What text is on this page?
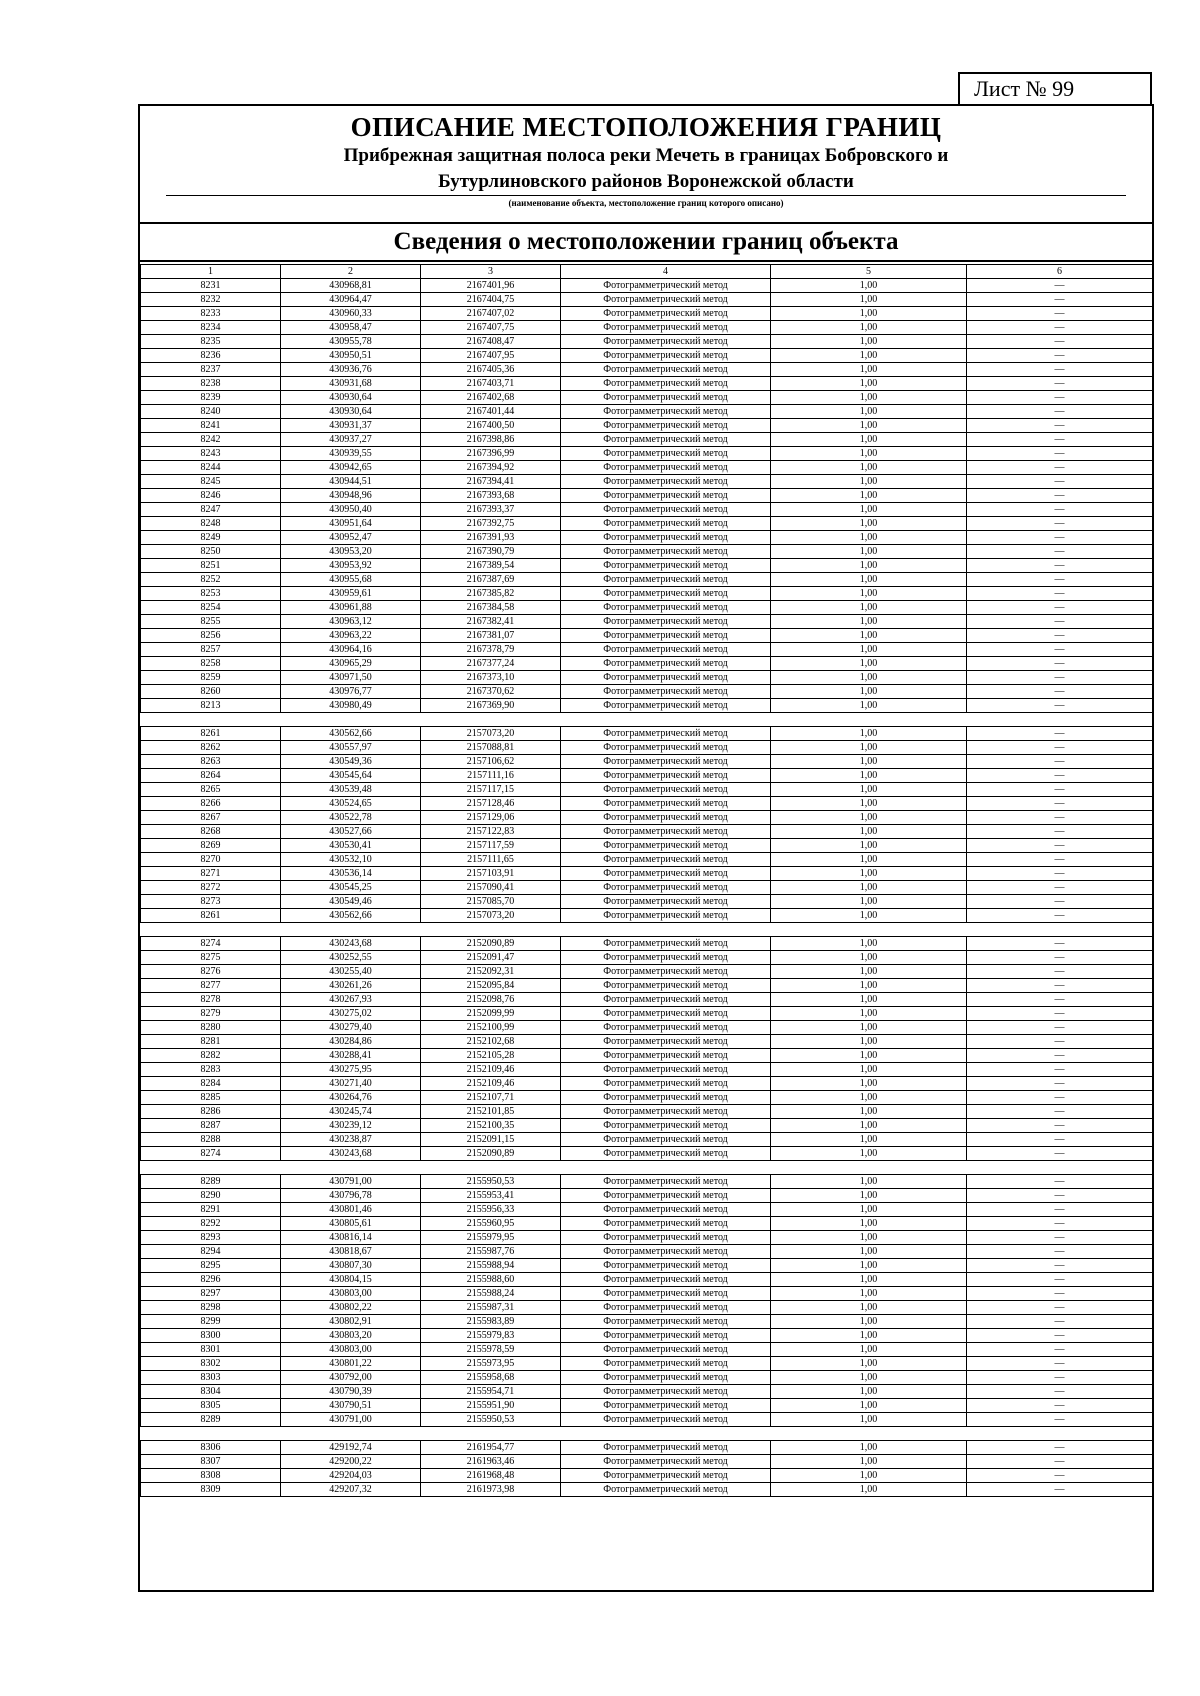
Лист № 99
ОПИСАНИЕ МЕСТОПОЛОЖЕНИЯ ГРАНИЦ
Прибрежная защитная полоса реки Мечеть в границах Бобровского и
Бутурлиновского районов Воронежской области
(наименование объекта, местоположение границ которого описано)
Сведения о местоположении границ объекта
1	2	3	4	5	6
8231	430968,81	2167401,96	Фотограмметрический метод	1,00	—
8232	430964,47	2167404,75	Фотограмметрический метод	1,00	—
8233	430960,33	2167407,02	Фотограмметрический метод	1,00	—
8234	430958,47	2167407,75	Фотограмметрический метод	1,00	—
8235	430955,78	2167408,47	Фотограмметрический метод	1,00	—
8236	430950,51	2167407,95	Фотограмметрический метод	1,00	—
8237	430936,76	2167405,36	Фотограмметрический метод	1,00	—
8238	430931,68	2167403,71	Фотограмметрический метод	1,00	—
8239	430930,64	2167402,68	Фотограмметрический метод	1,00	—
8240	430930,64	2167401,44	Фотограмметрический метод	1,00	—
8241	430931,37	2167400,50	Фотограмметрический метод	1,00	—
8242	430937,27	2167398,86	Фотограмметрический метод	1,00	—
8243	430939,55	2167396,99	Фотограмметрический метод	1,00	—
8244	430942,65	2167394,92	Фотограмметрический метод	1,00	—
8245	430944,51	2167394,41	Фотограмметрический метод	1,00	—
8246	430948,96	2167393,68	Фотограмметрический метод	1,00	—
8247	430950,40	2167393,37	Фотограмметрический метод	1,00	—
8248	430951,64	2167392,75	Фотограмметрический метод	1,00	—
8249	430952,47	2167391,93	Фотограмметрический метод	1,00	—
8250	430953,20	2167390,79	Фотограмметрический метод	1,00	—
8251	430953,92	2167389,54	Фотограмметрический метод	1,00	—
8252	430955,68	2167387,69	Фотограмметрический метод	1,00	—
8253	430959,61	2167385,82	Фотограмметрический метод	1,00	—
8254	430961,88	2167384,58	Фотограмметрический метод	1,00	—
8255	430963,12	2167382,41	Фотограмметрический метод	1,00	—
8256	430963,22	2167381,07	Фотограмметрический метод	1,00	—
8257	430964,16	2167378,79	Фотограмметрический метод	1,00	—
8258	430965,29	2167377,24	Фотограмметрический метод	1,00	—
8259	430971,50	2167373,10	Фотограмметрический метод	1,00	—
8260	430976,77	2167370,62	Фотограмметрический метод	1,00	—
8213	430980,49	2167369,90	Фотограмметрический метод	1,00	—

8261	430562,66	2157073,20	Фотограмметрический метод	1,00	—
8262	430557,97	2157088,81	Фотограмметрический метод	1,00	—
8263	430549,36	2157106,62	Фотограмметрический метод	1,00	—
8264	430545,64	2157111,16	Фотограмметрический метод	1,00	—
8265	430539,48	2157117,15	Фотограмметрический метод	1,00	—
8266	430524,65	2157128,46	Фотограмметрический метод	1,00	—
8267	430522,78	2157129,06	Фотограмметрический метод	1,00	—
8268	430527,66	2157122,83	Фотограмметрический метод	1,00	—
8269	430530,41	2157117,59	Фотограмметрический метод	1,00	—
8270	430532,10	2157111,65	Фотограмметрический метод	1,00	—
8271	430536,14	2157103,91	Фотограмметрический метод	1,00	—
8272	430545,25	2157090,41	Фотограмметрический метод	1,00	—
8273	430549,46	2157085,70	Фотограмметрический метод	1,00	—
8261	430562,66	2157073,20	Фотограмметрический метод	1,00	—

8274	430243,68	2152090,89	Фотограмметрический метод	1,00	—
8275	430252,55	2152091,47	Фотограмметрический метод	1,00	—
8276	430255,40	2152092,31	Фотограмметрический метод	1,00	—
8277	430261,26	2152095,84	Фотограмметрический метод	1,00	—
8278	430267,93	2152098,76	Фотограмметрический метод	1,00	—
8279	430275,02	2152099,99	Фотограмметрический метод	1,00	—
8280	430279,40	2152100,99	Фотограмметрический метод	1,00	—
8281	430284,86	2152102,68	Фотограмметрический метод	1,00	—
8282	430288,41	2152105,28	Фотограмметрический метод	1,00	—
8283	430275,95	2152109,46	Фотограмметрический метод	1,00	—
8284	430271,40	2152109,46	Фотограмметрический метод	1,00	—
8285	430264,76	2152107,71	Фотограмметрический метод	1,00	—
8286	430245,74	2152101,85	Фотограмметрический метод	1,00	—
8287	430239,12	2152100,35	Фотограмметрический метод	1,00	—
8288	430238,87	2152091,15	Фотограмметрический метод	1,00	—
8274	430243,68	2152090,89	Фотограмметрический метод	1,00	—

8289	430791,00	2155950,53	Фотограмметрический метод	1,00	—
8290	430796,78	2155953,41	Фотограмметрический метод	1,00	—
8291	430801,46	2155956,33	Фотограмметрический метод	1,00	—
8292	430805,61	2155960,95	Фотограмметрический метод	1,00	—
8293	430816,14	2155979,95	Фотограмметрический метод	1,00	—
8294	430818,67	2155987,76	Фотограмметрический метод	1,00	—
8295	430807,30	2155988,94	Фотограмметрический метод	1,00	—
8296	430804,15	2155988,60	Фотограмметрический метод	1,00	—
8297	430803,00	2155988,24	Фотограмметрический метод	1,00	—
8298	430802,22	2155987,31	Фотограмметрический метод	1,00	—
8299	430802,91	2155983,89	Фотограмметрический метод	1,00	—
8300	430803,20	2155979,83	Фотограмметрический метод	1,00	—
8301	430803,00	2155978,59	Фотограмметрический метод	1,00	—
8302	430801,22	2155973,95	Фотограмметрический метод	1,00	—
8303	430792,00	2155958,68	Фотограмметрический метод	1,00	—
8304	430790,39	2155954,71	Фотограмметрический метод	1,00	—
8305	430790,51	2155951,90	Фотограмметрический метод	1,00	—
8289	430791,00	2155950,53	Фотограмметрический метод	1,00	—

8306	429192,74	2161954,77	Фотограмметрический метод	1,00	—
8307	429200,22	2161963,46	Фотограмметрический метод	1,00	—
8308	429204,03	2161968,48	Фотограмметрический метод	1,00	—
8309	429207,32	2161973,98	Фотограмметрический метод	1,00	—
